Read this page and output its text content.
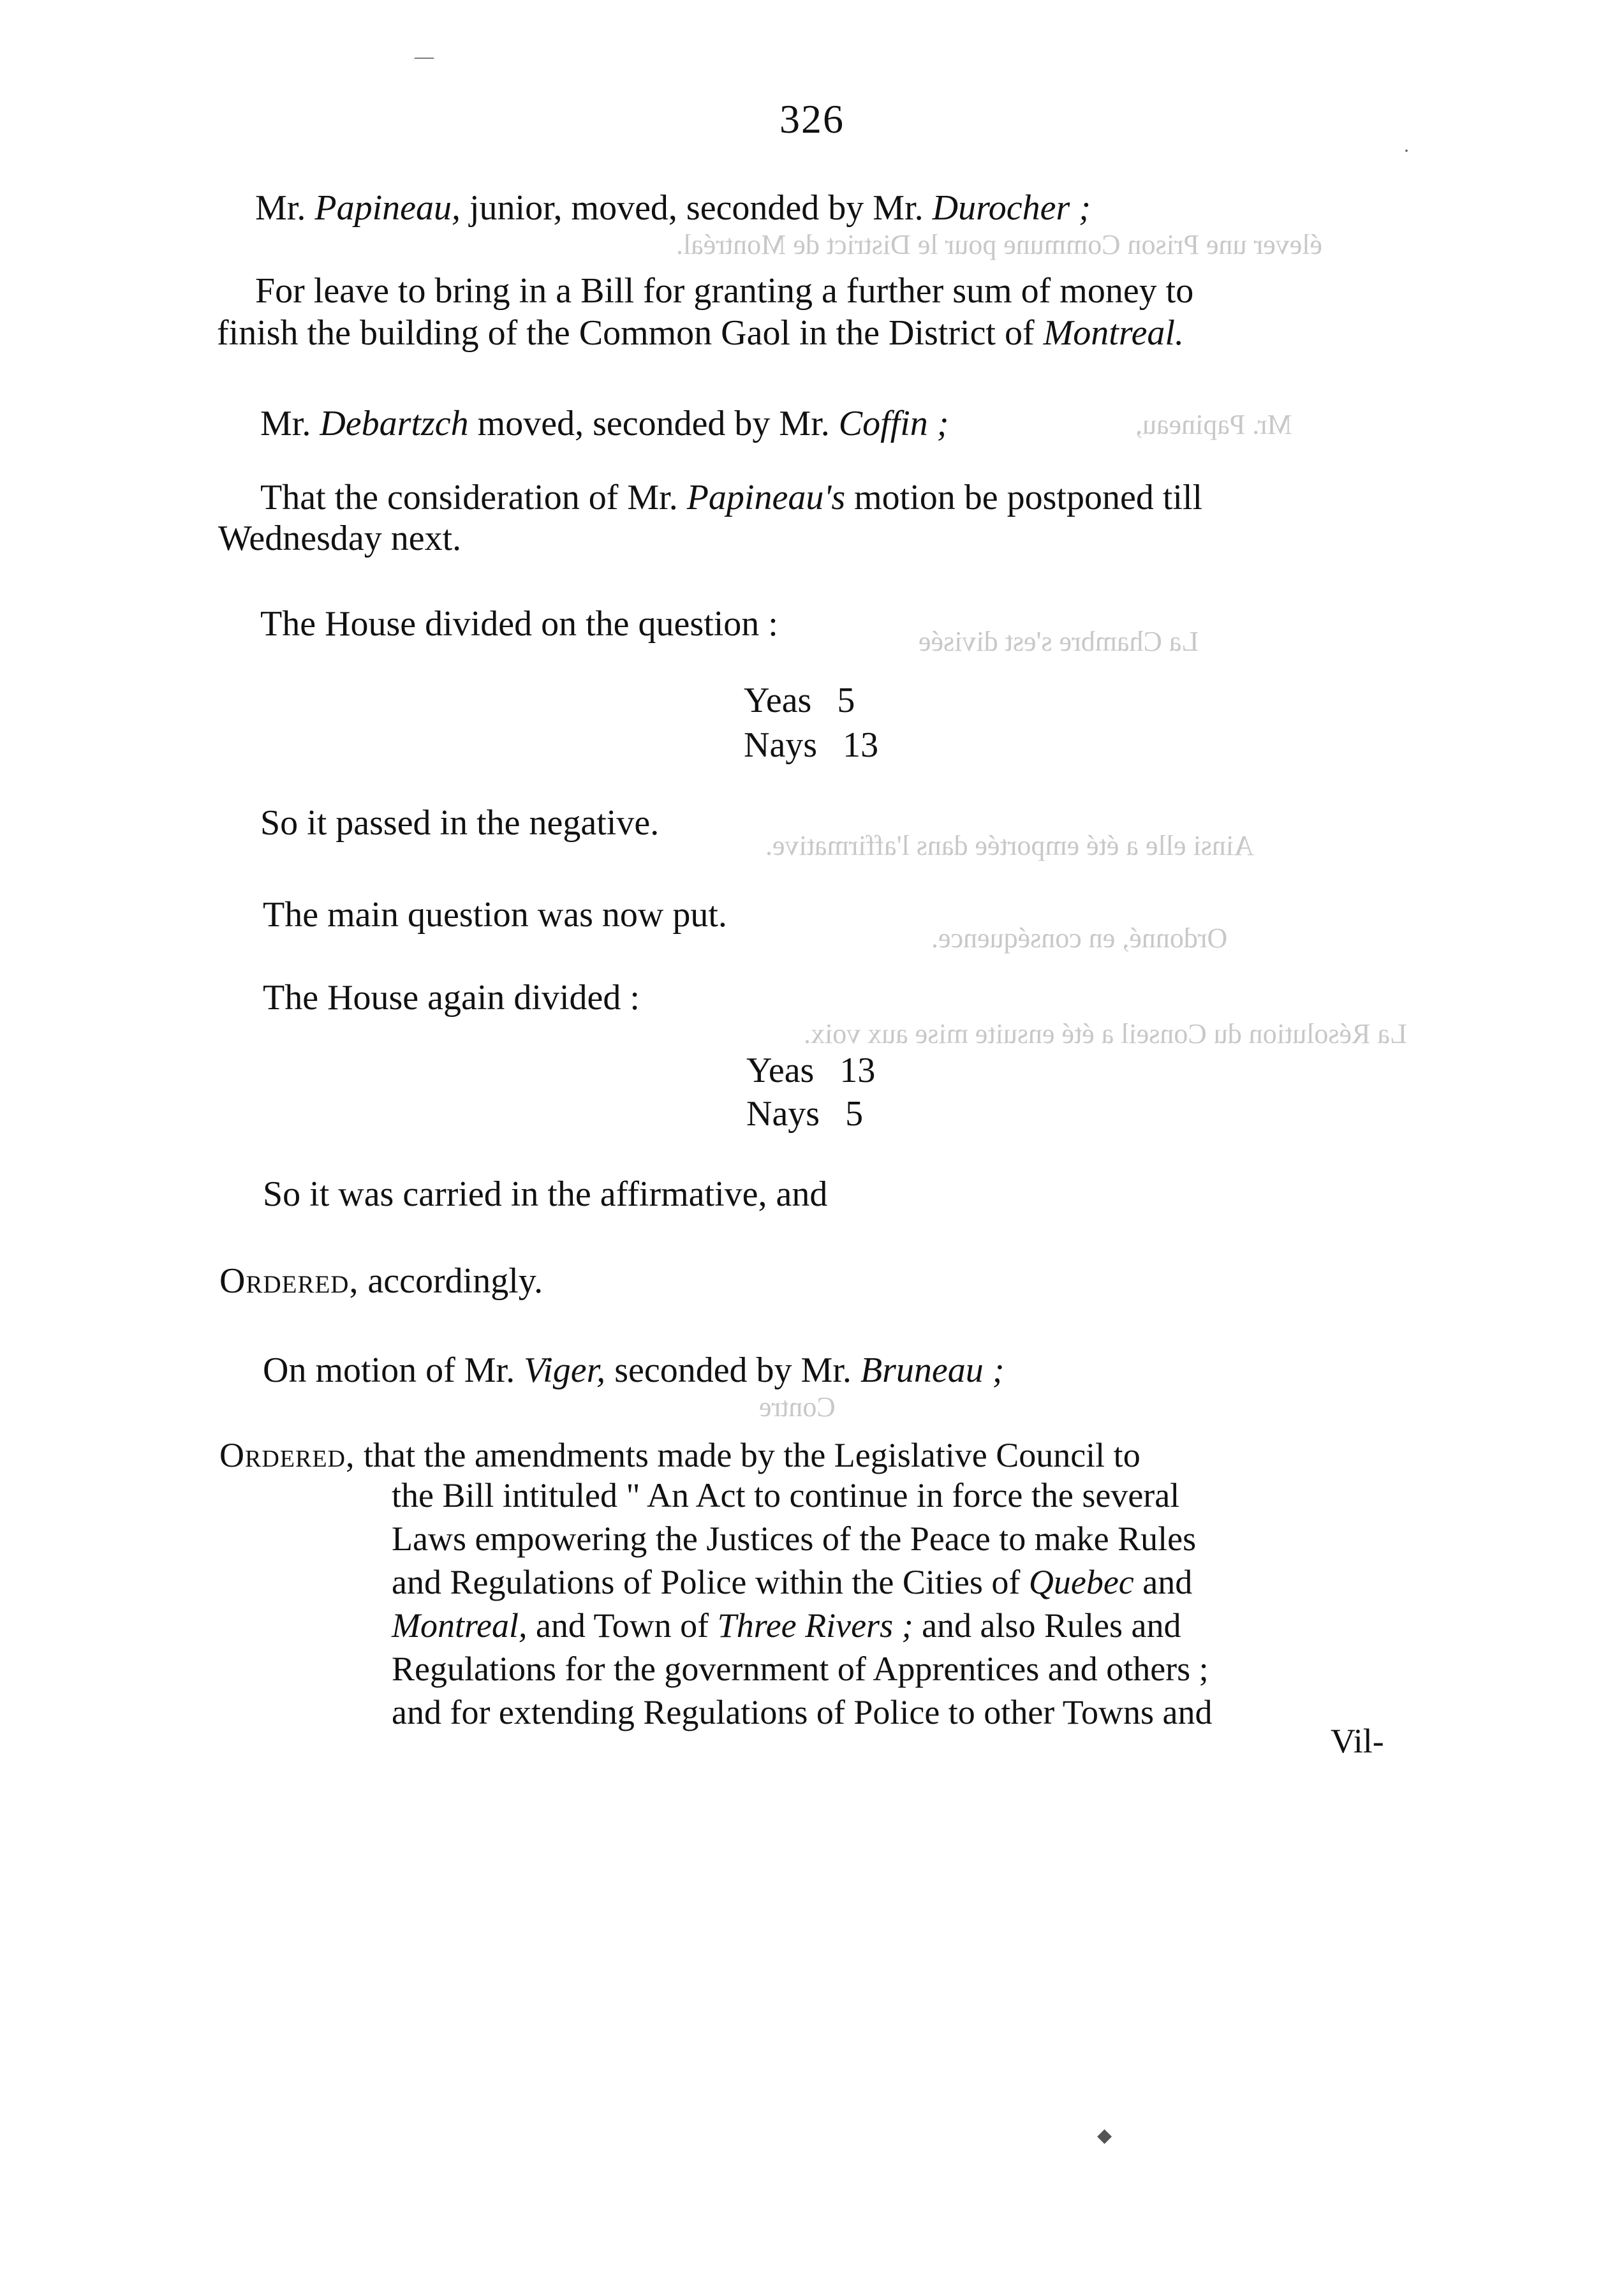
326
élever une Prison Commune pour le District de Montréal.
Mr. Papineau,
La Chambre s'est divisée
Ainsi elle a été emportée dans l'affirmative.
Ordonné, en conséquence.
La Résolution du Conseil a été ensuite mise aux voix.
Contre
Mr. Papineau, junior, moved, seconded by Mr. Durocher ;
For leave to bring in a Bill for granting a further sum of money to
finish the building of the Common Gaol in the District of Montreal.
Mr. Debartzch moved, seconded by Mr. Coffin ;
That the consideration of Mr. Papineau's motion be postponed till
Wednesday next.
The House divided on the question :
Yeas 5
Nays 13
So it passed in the negative.
The main question was now put.
The House again divided :
Yeas 13
Nays 5
So it was carried in the affirmative, and
Ordered, accordingly.
On motion of Mr. Viger, seconded by Mr. Bruneau ;
Ordered, that the amendments made by the Legislative Council to
the Bill intituled " An Act to continue in force the several
Laws empowering the Justices of the Peace to make Rules
and Regulations of Police within the Cities of Quebec and
Montreal, and Town of Three Rivers ; and also Rules and
Regulations for the government of Apprentices and others ;
and for extending Regulations of Police to other Towns and
Vil-
—
·
◆
